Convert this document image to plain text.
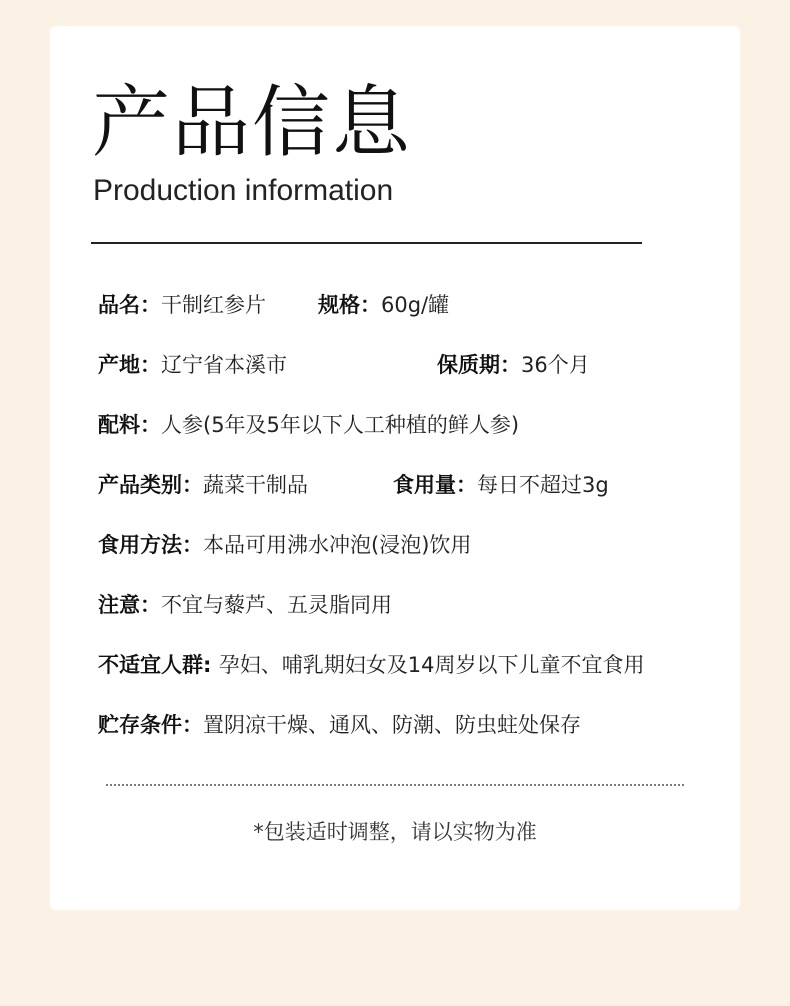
产品信息
Production information
品名：干制红参片 规格：60g/罐
产地：辽宁省本溪市	保质期：36个月
配料：人参(5年及5年以下人工种植的鲜人参)
产品类别：蔬菜干制品	食用量：每日不超过3g
食用方法：本品可用沸水冲泡(浸泡)饮用
注意：不宜与藜芦、五灵脂同用
不适宜人群: 孕妇、哺乳期妇女及14周岁以下儿童不宜食用
贮存条件：置阴凉干燥、通风、防潮、防虫蛀处保存
*包装适时调整，请以实物为准
